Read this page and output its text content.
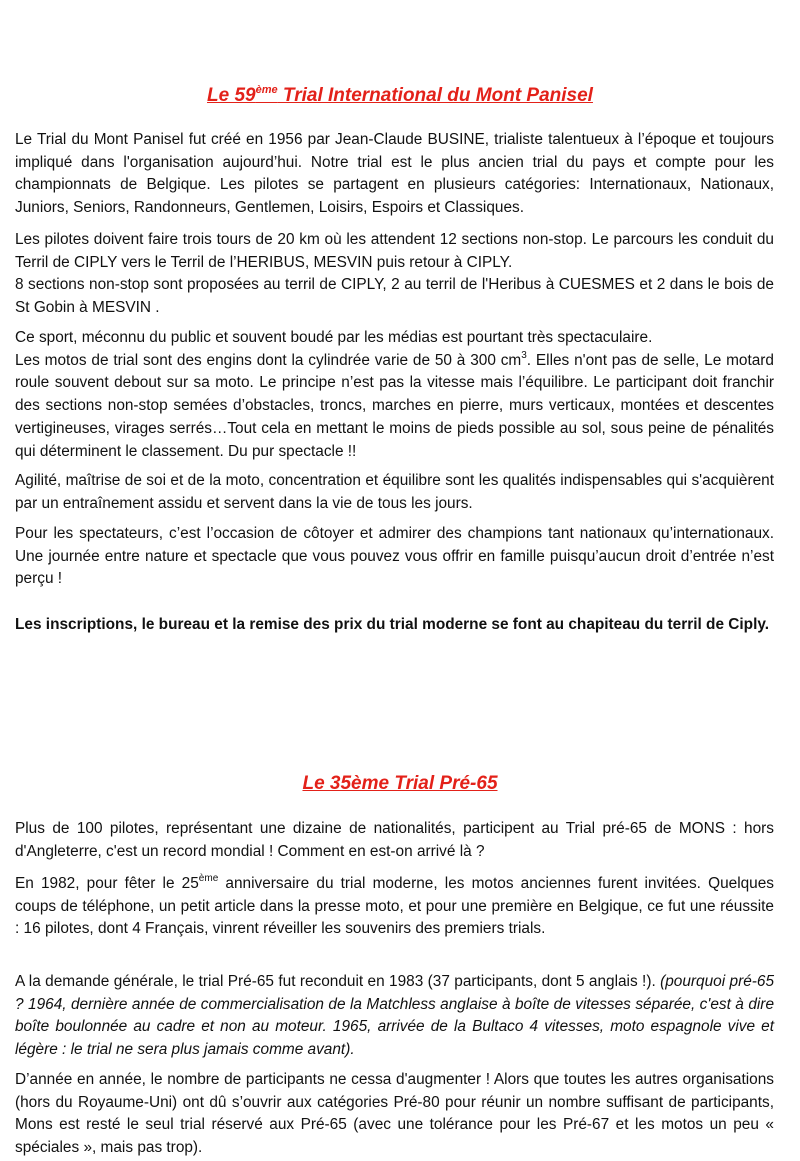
Le 59ème Trial International du Mont Panisel

Le Trial du Mont Panisel fut créé en 1956 par Jean-Claude BUSINE, trialiste talentueux à l’époque et toujours impliqué dans l'organisation aujourd’hui. Notre trial est le plus ancien trial du pays et compte pour les championnats de Belgique. Les pilotes se partagent en plusieurs catégories: Internationaux, Nationaux, Juniors, Seniors, Randonneurs, Gentlemen, Loisirs, Espoirs et Classiques.

Les pilotes doivent faire trois tours de 20 km où les attendent 12 sections non-stop. Le parcours les conduit du Terril de CIPLY vers le Terril de l’HERIBUS, MESVIN puis retour à CIPLY.
8 sections non-stop sont proposées au terril de CIPLY, 2 au terril de l'Heribus à CUESMES et 2 dans le bois de St Gobin à MESVIN .
Ce sport, méconnu du public et souvent boudé par les médias est pourtant très spectaculaire.
Les motos de trial sont des engins dont la cylindrée varie de 50 à 300 $cm^3$. Elles n'ont pas de selle, Le motard roule souvent debout sur sa moto. Le principe n’est pas la vitesse mais l’équilibre. Le participant doit franchir des sections non-stop semées d’obstacles, troncs, marches en pierre, murs verticaux, montées et descentes vertigineuses, virages serrés…Tout cela en mettant le moins de pieds possible au sol, sous peine de pénalités qui déterminent le classement. Du pur spectacle !!

Agilité, maîtrise de soi et de la moto, concentration et équilibre sont les qualités indispensables qui s'acquièrent par un entraînement assidu et servent dans la vie de tous les jours.

Pour les spectateurs, c’est l’occasion de côtoyer et admirer des champions tant nationaux qu’internationaux. Une journée entre nature et spectacle que vous pouvez vous offrir en famille puisqu’aucun droit d’entrée n’est perçu !

Les inscriptions, le bureau et la remise des prix du trial moderne se font au chapiteau du terril de Ciply.

Le 35ème Trial Pré-65

Plus de 100 pilotes, représentant une dizaine de nationalités, participent au Trial pré-65 de MONS : hors d'Angleterre, c'est un record mondial ! Comment en est-on arrivé là ?

En 1982, pour fêter le 25ème anniversaire du trial moderne, les motos anciennes furent invitées. Quelques coups de téléphone, un petit article dans la presse moto, et pour une première en Belgique, ce fut une réussite : 16 pilotes, dont 4 Français, vinrent réveiller les souvenirs des premiers trials.
A la demande générale, le trial Pré-65 fut reconduit en 1983 (37 participants, dont 5 anglais !). (pourquoi pré-65 ? 1964, dernière année de commercialisation de la Matchless anglaise à boîte de vitesses séparée, c'est à dire boîte boulonnée au cadre et non au moteur. 1965, arrivée de la Bultaco 4 vitesses, moto espagnole vive et légère : le trial ne sera plus jamais comme avant).

D’année en année, le nombre de participants ne cessa d'augmenter ! Alors que toutes les autres organisations (hors du Royaume-Uni) ont dû s’ouvrir aux catégories Pré-80 pour réunir un nombre suffisant de participants, Mons est resté le seul trial réservé aux Pré-65 (avec une tolérance pour les Pré-67 et les motos un peu « spéciales », mais pas trop).
